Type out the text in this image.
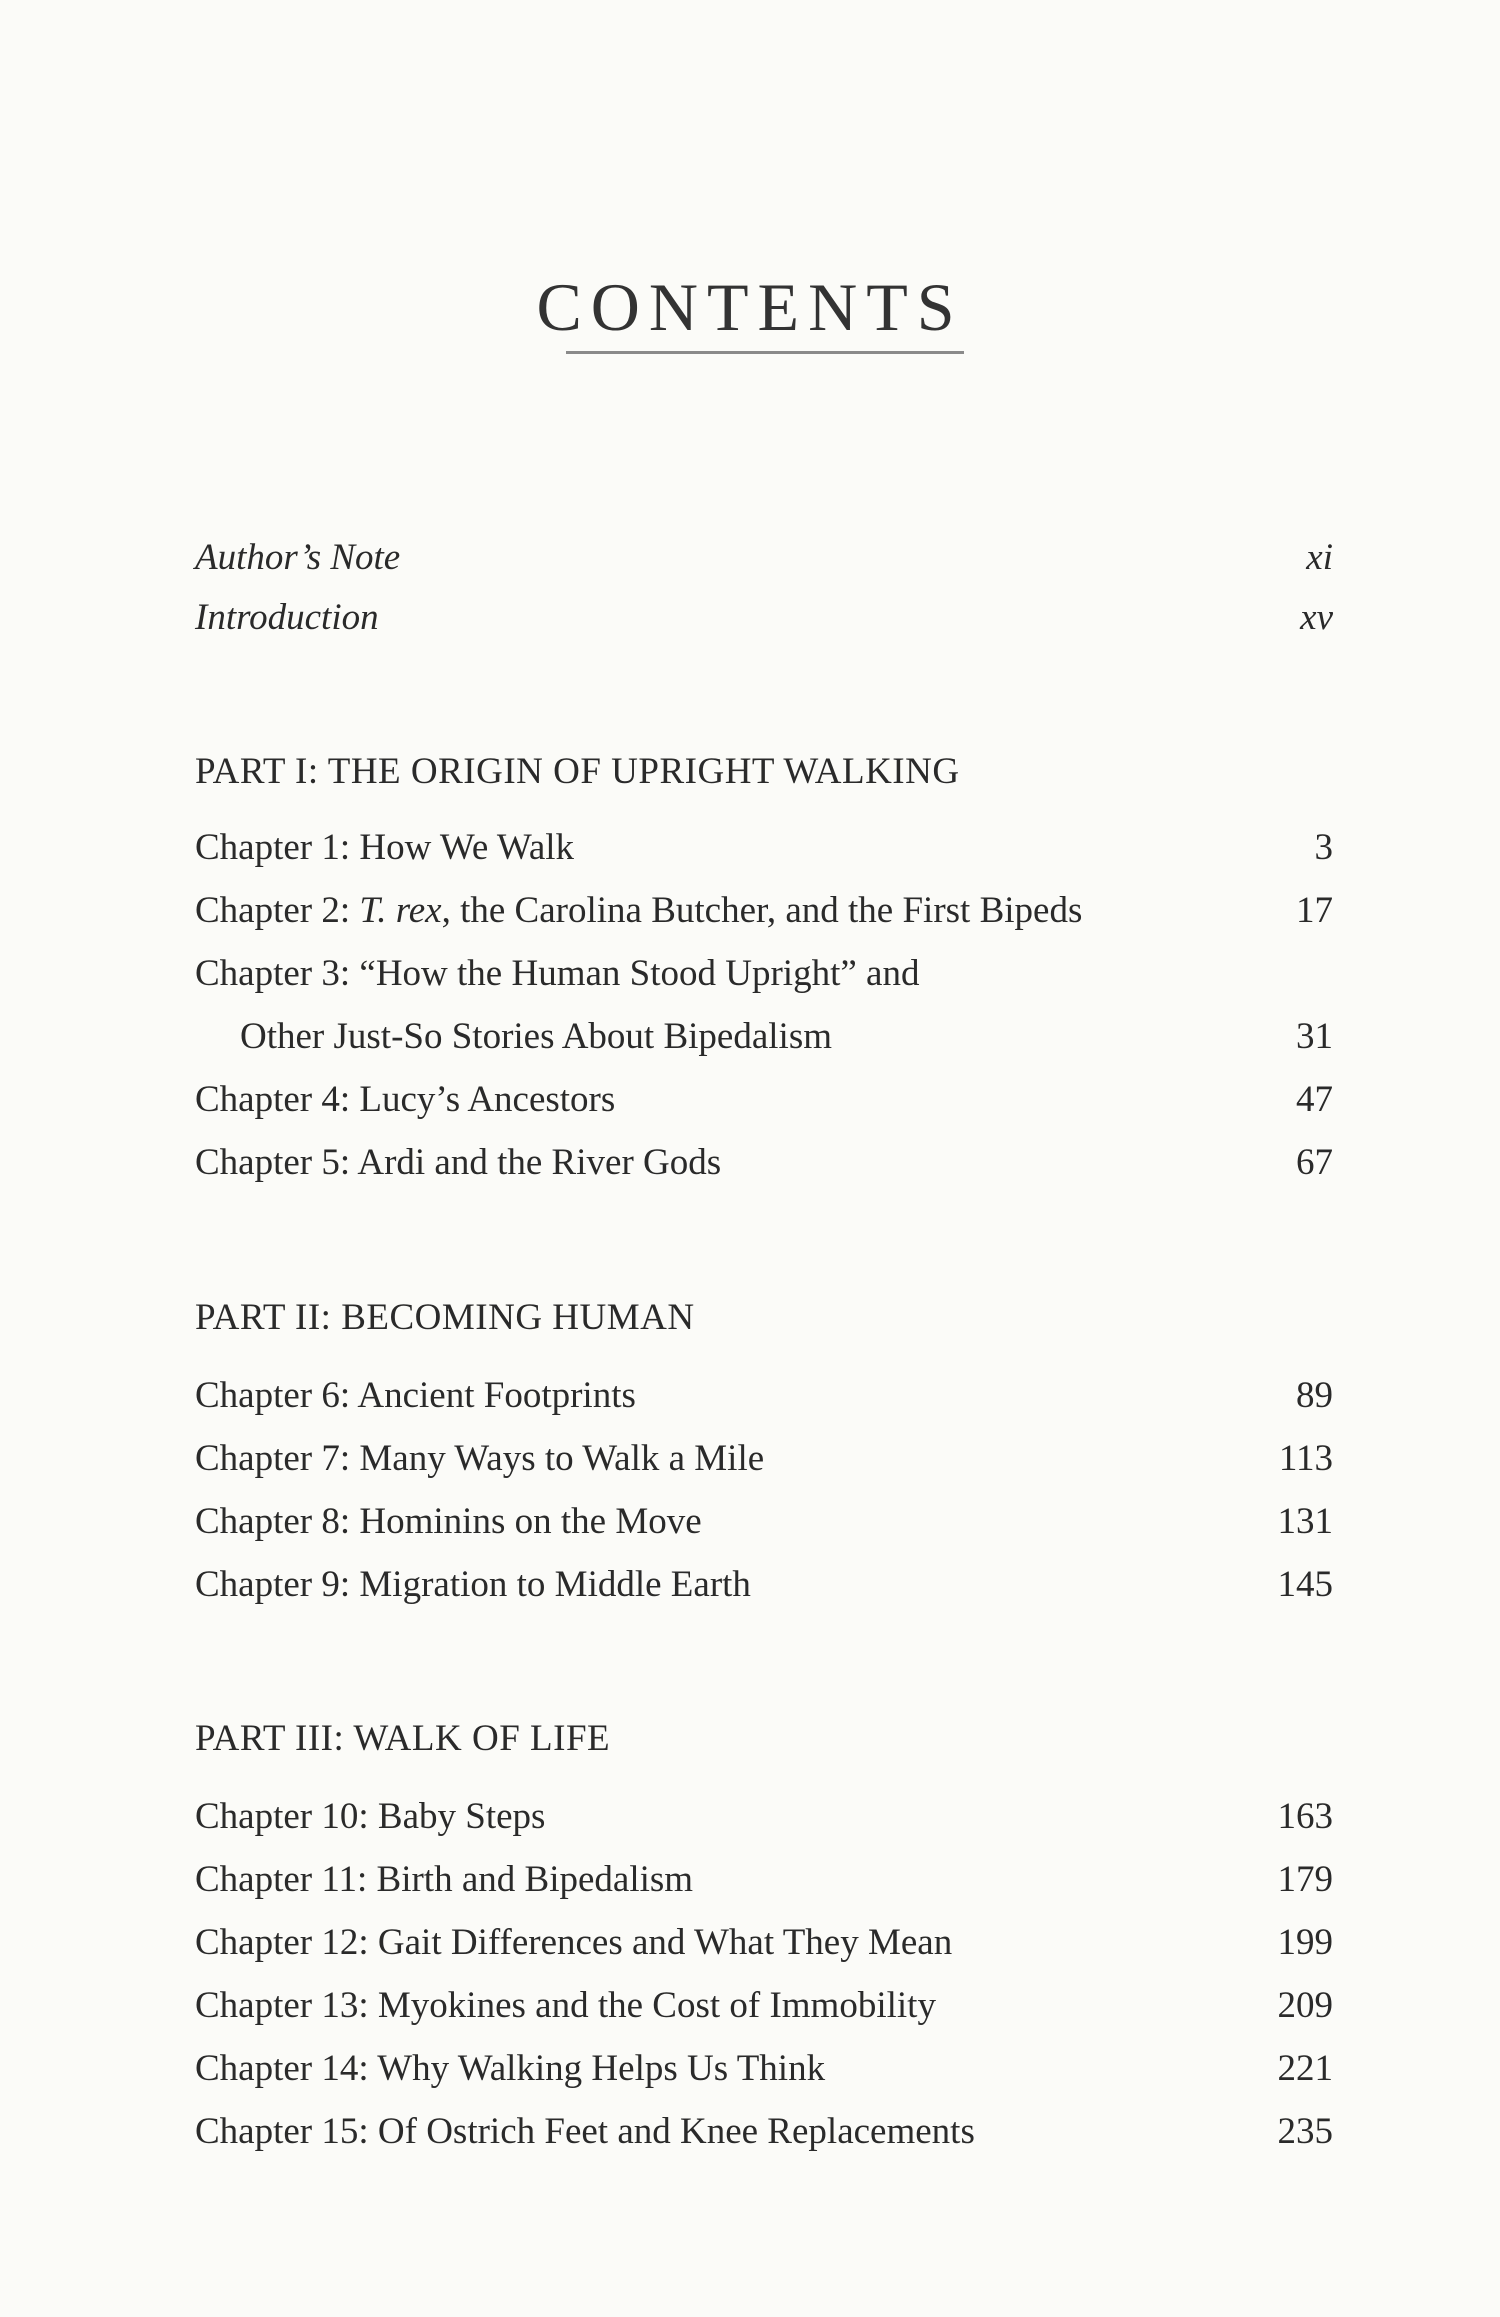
CONTENTS
Author’s Note	xi
Introduction	xv
PART I: THE ORIGIN OF UPRIGHT WALKING
Chapter 1: How We Walk	3
Chapter 2: T. rex, the Carolina Butcher, and the First Bipeds	17
Chapter 3: “How the Human Stood Upright” and
Other Just-So Stories About Bipedalism	31
Chapter 4: Lucy’s Ancestors	47
Chapter 5: Ardi and the River Gods	67
PART II: BECOMING HUMAN
Chapter 6: Ancient Footprints	89
Chapter 7: Many Ways to Walk a Mile	113
Chapter 8: Hominins on the Move	131
Chapter 9: Migration to Middle Earth	145
PART III: WALK OF LIFE
Chapter 10: Baby Steps	163
Chapter 11: Birth and Bipedalism	179
Chapter 12: Gait Differences and What They Mean	199
Chapter 13: Myokines and the Cost of Immobility	209
Chapter 14: Why Walking Helps Us Think	221
Chapter 15: Of Ostrich Feet and Knee Replacements	235
